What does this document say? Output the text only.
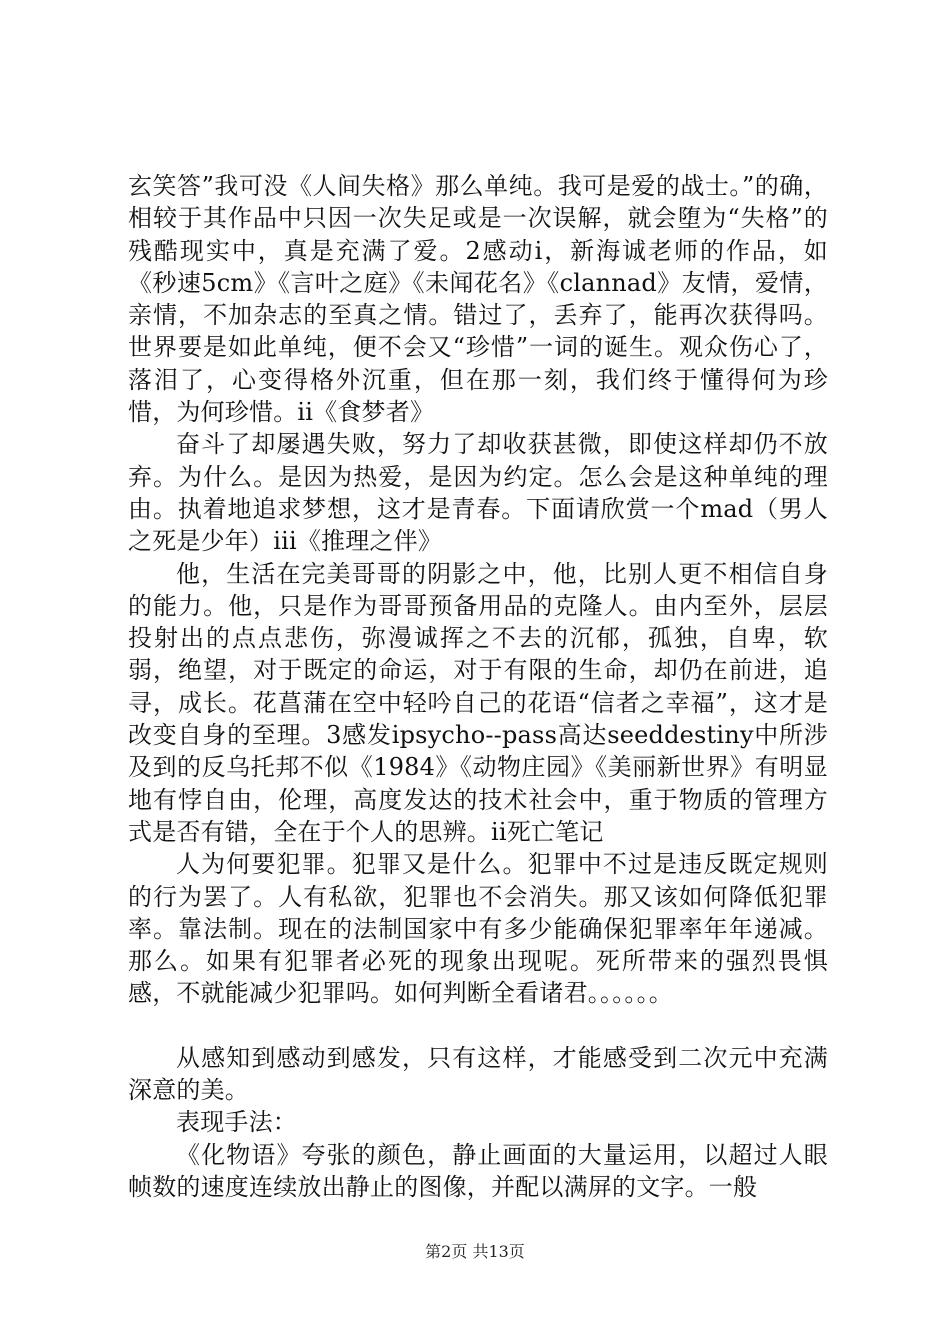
玄笑答”我可没《人间失格》那么单纯。我可是爱的战士。”的确，相较于其作品中只因一次失足或是一次误解，就会堕为“失格”的残酷现实中，真是充满了爱。2感动i，新海诚老师的作品，如《秒速5cm》《言叶之庭》《未闻花名》《clannad》友情，爱情，亲情，不加杂志的至真之情。错过了，丢弃了，能再次获得吗。世界要是如此单纯，便不会又“珍惜”一词的诞生。观众伤心了，落泪了，心变得格外沉重，但在那一刻，我们终于懂得何为珍惜，为何珍惜。ii《食梦者》

奋斗了却屡遇失败，努力了却收获甚微，即使这样却仍不放弃。为什么。是因为热爱，是因为约定。怎么会是这种单纯的理由。执着地追求梦想，这才是青春。下面请欣赏一个mad（男人之死是少年）iii《推理之伴》

他，生活在完美哥哥的阴影之中，他，比别人更不相信自身的能力。他，只是作为哥哥预备用品的克隆人。由内至外，层层投射出的点点悲伤，弥漫诚挥之不去的沉郁，孤独，自卑，软弱，绝望，对于既定的命运，对于有限的生命，却仍在前进，追寻，成长。花菖蒲在空中轻吟自己的花语“信者之幸福”，这才是改变自身的至理。3感发ipsycho--pass高达seeddestiny中所涉及到的反乌托邦不似《1984》《动物庄园》《美丽新世界》有明显地有悖自由，伦理，高度发达的技术社会中，重于物质的管理方式是否有错，全在于个人的思辨。ii死亡笔记

人为何要犯罪。犯罪又是什么。犯罪中不过是违反既定规则的行为罢了。人有私欲，犯罪也不会消失。那又该如何降低犯罪率。靠法制。现在的法制国家中有多少能确保犯罪率年年递减。那么。如果有犯罪者必死的现象出现呢。死所带来的强烈畏惧感，不就能减少犯罪吗。如何判断全看诸君。。。。。。

从感知到感动到感发，只有这样，才能感受到二次元中充满深意的美。

表现手法：

《化物语》夸张的颜色，静止画面的大量运用，以超过人眼帧数的速度连续放出静止的图像，并配以满屏的文字。一般

第2页 共13页
